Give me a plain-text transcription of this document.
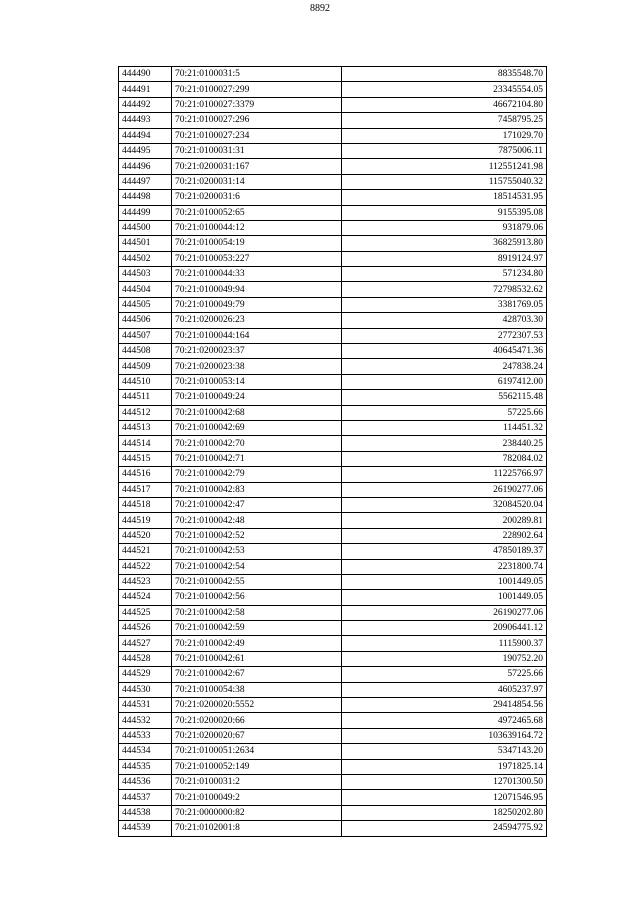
8892
444490	70:21:0100031:5	8835548.70
444491	70:21:0100027:299	23345554.05
444492	70:21:0100027:3379	46672104.80
444493	70:21:0100027:296	7458795.25
444494	70:21:0100027:234	171029.70
444495	70:21:0100031:31	7875006.11
444496	70:21:0200031:167	112551241.98
444497	70:21:0200031:14	115755040.32
444498	70:21:0200031:6	18514531.95
444499	70:21:0100052:65	9155395.08
444500	70:21:0100044:12	931879.06
444501	70:21:0100054:19	36825913.80
444502	70:21:0100053:227	8919124.97
444503	70:21:0100044:33	571234.80
444504	70:21:0100049:94	72798532.62
444505	70:21:0100049:79	3381769.05
444506	70:21:0200026:23	428703.30
444507	70:21:0100044:164	2772307.53
444508	70:21:0200023:37	40645471.36
444509	70:21:0200023:38	247838.24
444510	70:21:0100053:14	6197412.00
444511	70:21:0100049:24	5562115.48
444512	70:21:0100042:68	57225.66
444513	70:21:0100042:69	114451.32
444514	70:21:0100042:70	238440.25
444515	70:21:0100042:71	782084.02
444516	70:21:0100042:79	11225766.97
444517	70:21:0100042:83	26190277.06
444518	70:21:0100042:47	32084520.04
444519	70:21:0100042:48	200289.81
444520	70:21:0100042:52	228902.64
444521	70:21:0100042:53	47850189.37
444522	70:21:0100042:54	2231800.74
444523	70:21:0100042:55	1001449.05
444524	70:21:0100042:56	1001449.05
444525	70:21:0100042:58	26190277.06
444526	70:21:0100042:59	20906441.12
444527	70:21:0100042:49	1115900.37
444528	70:21:0100042:61	190752.20
444529	70:21:0100042:67	57225.66
444530	70:21:0100054:38	4605237.97
444531	70:21:0200020:5552	29414854.56
444532	70:21:0200020:66	4972465.68
444533	70:21:0200020:67	103639164.72
444534	70:21:0100051:2634	5347143.20
444535	70:21:0100052:149	1971825.14
444536	70:21:0100031:2	12701300.50
444537	70:21:0100049:2	12071546.95
444538	70:21:0000000:82	18250202.80
444539	70:21:0102001:8	24594775.92
